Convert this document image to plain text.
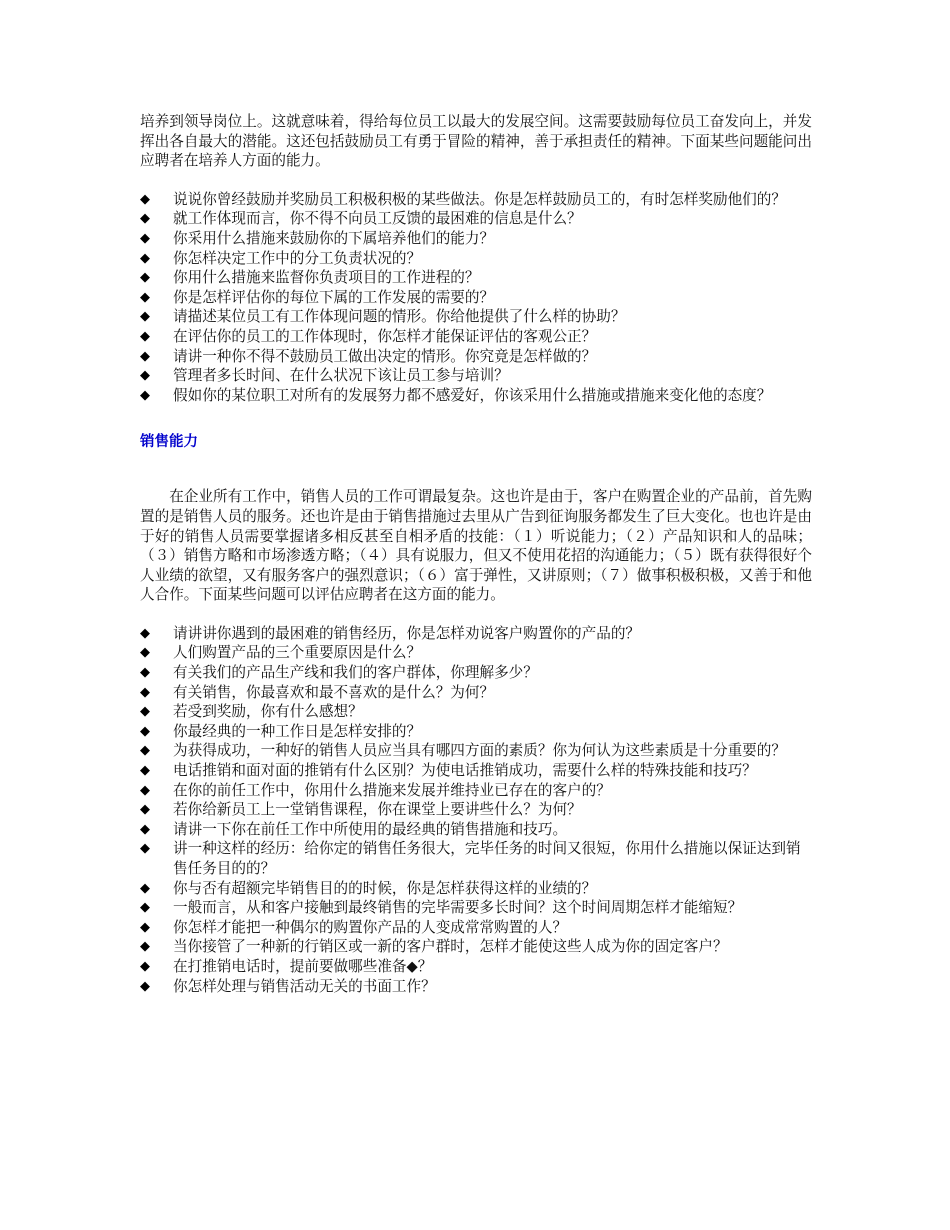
培养到领导岗位上。这就意味着，得给每位员工以最大的发展空间。这需要鼓励每位员工奋发向上，并发挥出各自最大的潜能。这还包括鼓励员工有勇于冒险的精神，善于承担责任的精神。下面某些问题能问出应聘者在培养人方面的能力。

◆	说说你曾经鼓励并奖励员工积极积极的某些做法。你是怎样鼓励员工的，有时怎样奖励他们的？
◆	就工作体现而言，你不得不向员工反馈的最困难的信息是什么？
◆	你采用什么措施来鼓励你的下属培养他们的能力？
◆	你怎样决定工作中的分工负责状况的？
◆	你用什么措施来监督你负责项目的工作进程的？
◆	你是怎样评估你的每位下属的工作发展的需要的？
◆	请描述某位员工有工作体现问题的情形。你给他提供了什么样的协助？
◆	在评估你的员工的工作体现时，你怎样才能保证评估的客观公正？
◆	请讲一种你不得不鼓励员工做出决定的情形。你究竟是怎样做的？
◆	管理者多长时间、在什么状况下该让员工参与培训？
◆	假如你的某位职工对所有的发展努力都不感爱好，你该采用什么措施或措施来变化他的态度？
销售能力

在企业所有工作中，销售人员的工作可谓最复杂。这也许是由于，客户在购置企业的产品前，首先购置的是销售人员的服务。还也许是由于销售措施过去里从广告到征询服务都发生了巨大变化。也也许是由于好的销售人员需要掌握诸多相反甚至自相矛盾的技能：（１）听说能力；（２）产品知识和人的品味；（３）销售方略和市场渗透方略；（４）具有说服力，但又不使用花招的沟通能力；（５）既有获得很好个人业绩的欲望，又有服务客户的强烈意识；（６）富于弹性，又讲原则；（７）做事积极积极，又善于和他人合作。下面某些问题可以评估应聘者在这方面的能力。

◆	请讲讲你遇到的最困难的销售经历，你是怎样劝说客户购置你的产品的？
◆	人们购置产品的三个重要原因是什么？
◆	有关我们的产品生产线和我们的客户群体，你理解多少？
◆	有关销售，你最喜欢和最不喜欢的是什么？为何？
◆	若受到奖励，你有什么感想？
◆	你最经典的一种工作日是怎样安排的？
◆	为获得成功，一种好的销售人员应当具有哪四方面的素质？你为何认为这些素质是十分重要的？
◆	电话推销和面对面的推销有什么区别？为使电话推销成功，需要什么样的特殊技能和技巧？
◆	在你的前任工作中，你用什么措施来发展并维持业已存在的客户的？
◆	若你给新员工上一堂销售课程，你在课堂上要讲些什么？为何？
◆	请讲一下你在前任工作中所使用的最经典的销售措施和技巧。
◆	讲一种这样的经历：给你定的销售任务很大，完毕任务的时间又很短，你用什么措施以保证达到销售任务目的的？
◆	你与否有超额完毕销售目的的时候，你是怎样获得这样的业绩的？
◆	一般而言，从和客户接触到最终销售的完毕需要多长时间？这个时间周期怎样才能缩短？
◆	你怎样才能把一种偶尔的购置你产品的人变成常常购置的人？
◆	当你接管了一种新的行销区或一新的客户群时，怎样才能使这些人成为你的固定客户？
◆	在打推销电话时，提前要做哪些准备◆？
◆	你怎样处理与销售活动无关的书面工作？
